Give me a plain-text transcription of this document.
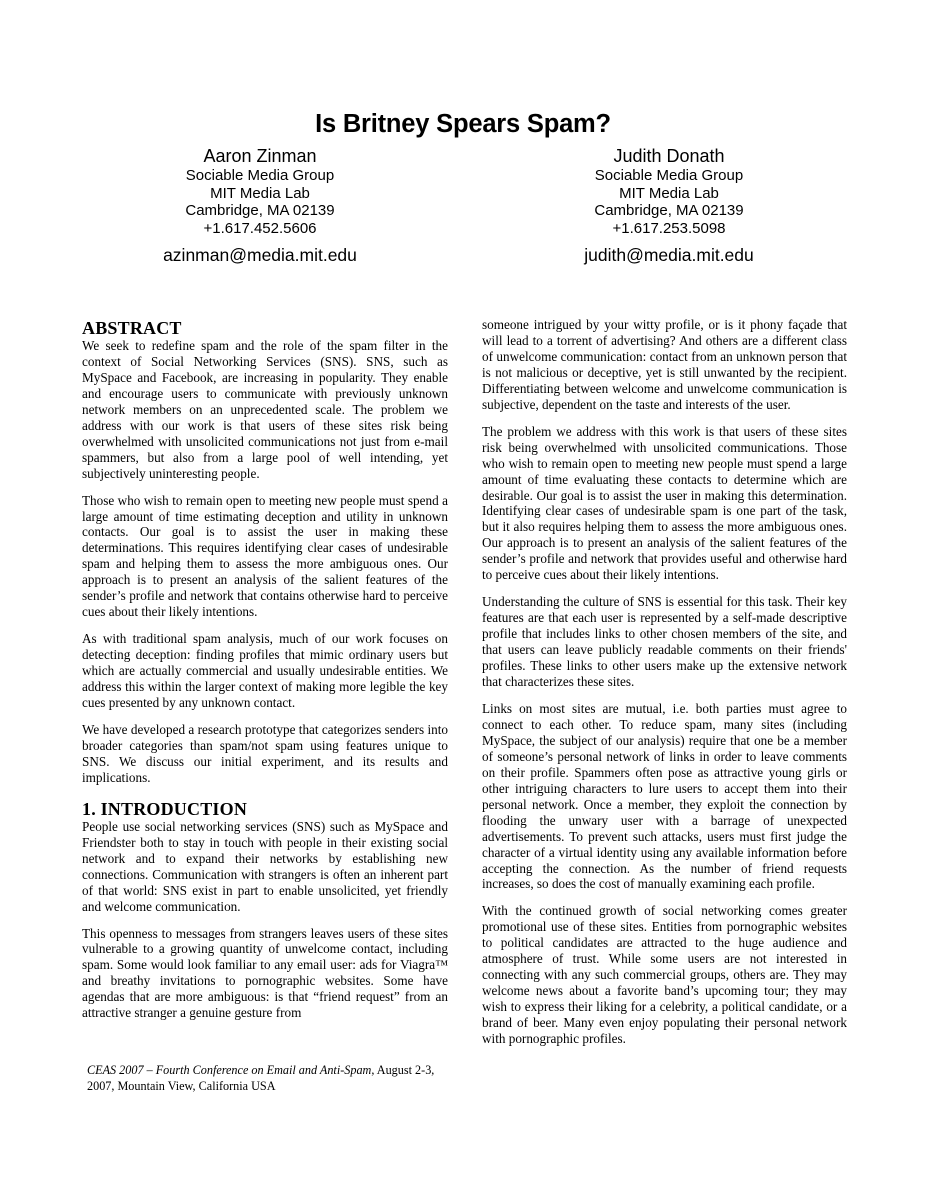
Is Britney Spears Spam?
Aaron Zinman
Sociable Media Group
MIT Media Lab
Cambridge, MA 02139
+1.617.452.5606
azinman@media.mit.edu
Judith Donath
Sociable Media Group
MIT Media Lab
Cambridge, MA 02139
+1.617.253.5098
judith@media.mit.edu
ABSTRACT

We seek to redefine spam and the role of the spam filter in the context of Social Networking Services (SNS). SNS, such as MySpace and Facebook, are increasing in popularity. They enable and encourage users to communicate with previously unknown network members on an unprecedented scale. The problem we address with our work is that users of these sites risk being overwhelmed with unsolicited communications not just from e-mail spammers, but also from a large pool of well intending, yet subjectively uninteresting people.

Those who wish to remain open to meeting new people must spend a large amount of time estimating deception and utility in unknown contacts. Our goal is to assist the user in making these determinations. This requires identifying clear cases of undesirable spam and helping them to assess the more ambiguous ones. Our approach is to present an analysis of the salient features of the sender’s profile and network that contains otherwise hard to perceive cues about their likely intentions.

As with traditional spam analysis, much of our work focuses on detecting deception: finding profiles that mimic ordinary users but which are actually commercial and usually undesirable entities. We address this within the larger context of making more legible the key cues presented by any unknown contact.

We have developed a research prototype that categorizes senders into broader categories than spam/not spam using features unique to SNS. We discuss our initial experiment, and its results and implications.

1. INTRODUCTION

People use social networking services (SNS) such as MySpace and Friendster both to stay in touch with people in their existing social network and to expand their networks by establishing new connections. Communication with strangers is often an inherent part of that world: SNS exist in part to enable unsolicited, yet friendly and welcome communication.

This openness to messages from strangers leaves users of these sites vulnerable to a growing quantity of unwelcome contact, including spam. Some would look familiar to any email user: ads for Viagra™ and breathy invitations to pornographic websites. Some have agendas that are more ambiguous: is that “friend request” from an attractive stranger a genuine gesture from

someone intrigued by your witty profile, or is it phony façade that will lead to a torrent of advertising? And others are a different class of unwelcome communication: contact from an unknown person that is not malicious or deceptive, yet is still unwanted by the recipient. Differentiating between welcome and unwelcome communication is subjective, dependent on the taste and interests of the user.

The problem we address with this work is that users of these sites risk being overwhelmed with unsolicited communications. Those who wish to remain open to meeting new people must spend a large amount of time evaluating these contacts to determine which are desirable. Our goal is to assist the user in making this determination. Identifying clear cases of undesirable spam is one part of the task, but it also requires helping them to assess the more ambiguous ones. Our approach is to present an analysis of the salient features of the sender’s profile and network that provides useful and otherwise hard to perceive cues about their likely intentions.

Understanding the culture of SNS is essential for this task. Their key features are that each user is represented by a self-made descriptive profile that includes links to other chosen members of the site, and that users can leave publicly readable comments on their friends' profiles. These links to other users make up the extensive network that characterizes these sites.

Links on most sites are mutual, i.e. both parties must agree to connect to each other. To reduce spam, many sites (including MySpace, the subject of our analysis) require that one be a member of someone’s personal network of links in order to leave comments on their profile. Spammers often pose as attractive young girls or other intriguing characters to lure users to accept them into their personal network. Once a member, they exploit the connection by flooding the unwary user with a barrage of unexpected advertisements. To prevent such attacks, users must first judge the character of a virtual identity using any available information before accepting the connection. As the number of friend requests increases, so does the cost of manually examining each profile.

With the continued growth of social networking comes greater promotional use of these sites. Entities from pornographic websites to political candidates are attracted to the huge audience and atmosphere of trust. While some users are not interested in connecting with any such commercial groups, others are. They may welcome news about a favorite band’s upcoming tour; they may wish to express their liking for a celebrity, a political candidate, or a brand of beer. Many even enjoy populating their personal network with pornographic profiles.

CEAS 2007 – Fourth Conference on Email and Anti-Spam, August 2-3, 2007, Mountain View, California USA
